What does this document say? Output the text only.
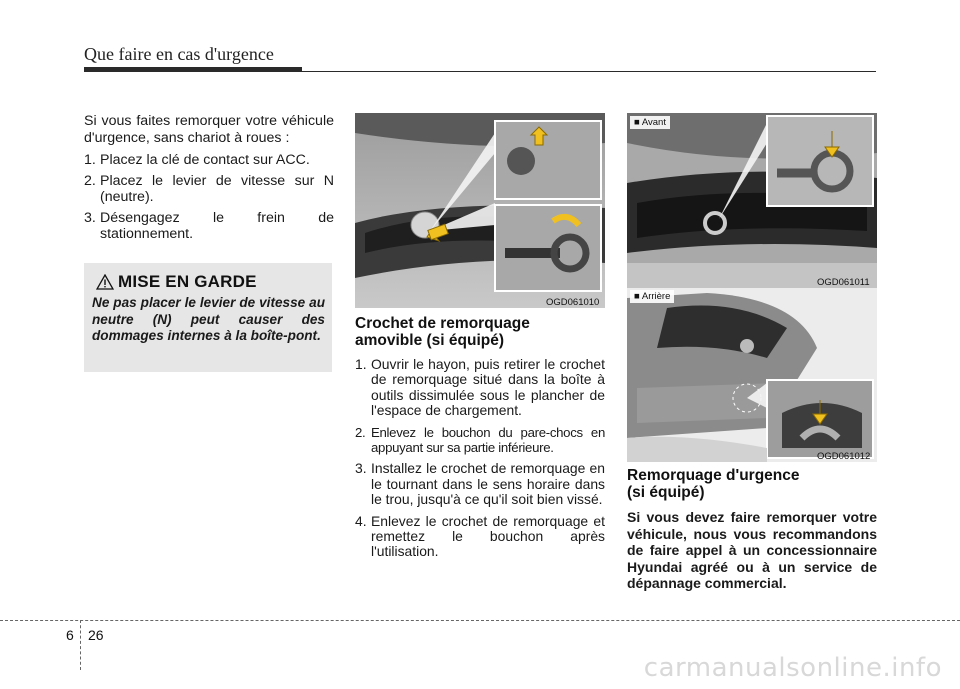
Que faire en cas d'urgence

Si vous faites remorquer votre véhicule d'urgence, sans chariot à roues :

1. Placez la clé de contact sur ACC.
2. Placez le levier de vitesse sur N (neutre).
3. Désengagez le frein de stationnement.
MISE EN GARDE
Ne pas placer le levier de vitesse au neutre (N) peut causer des dommages internes à la boîte-pont.
OGD061010
■ Avant
OGD061011
■ Arrière
OGD061012
Crochet de remorquage
amovible (si équipé)
1. Ouvrir le hayon, puis retirer le crochet de remorquage situé dans la boîte à outils dissimulée sous le plancher de l'espace de chargement.
2. Enlevez le bouchon du pare-chocs en appuyant sur sa partie inférieure.
3. Installez le crochet de remorquage en le tournant dans le sens horaire dans le trou, jusqu'à ce qu'il soit bien vissé.
4. Enlevez le crochet de remorquage et remettez le bouchon après l'utilisation.
Remorquage d'urgence
(si équipé)

Si vous devez faire remorquer votre véhicule, nous vous recommandons de faire appel à un concessionnaire Hyundai agréé ou à un service de dépannage commercial.

6 26
carmanualsonline.info
